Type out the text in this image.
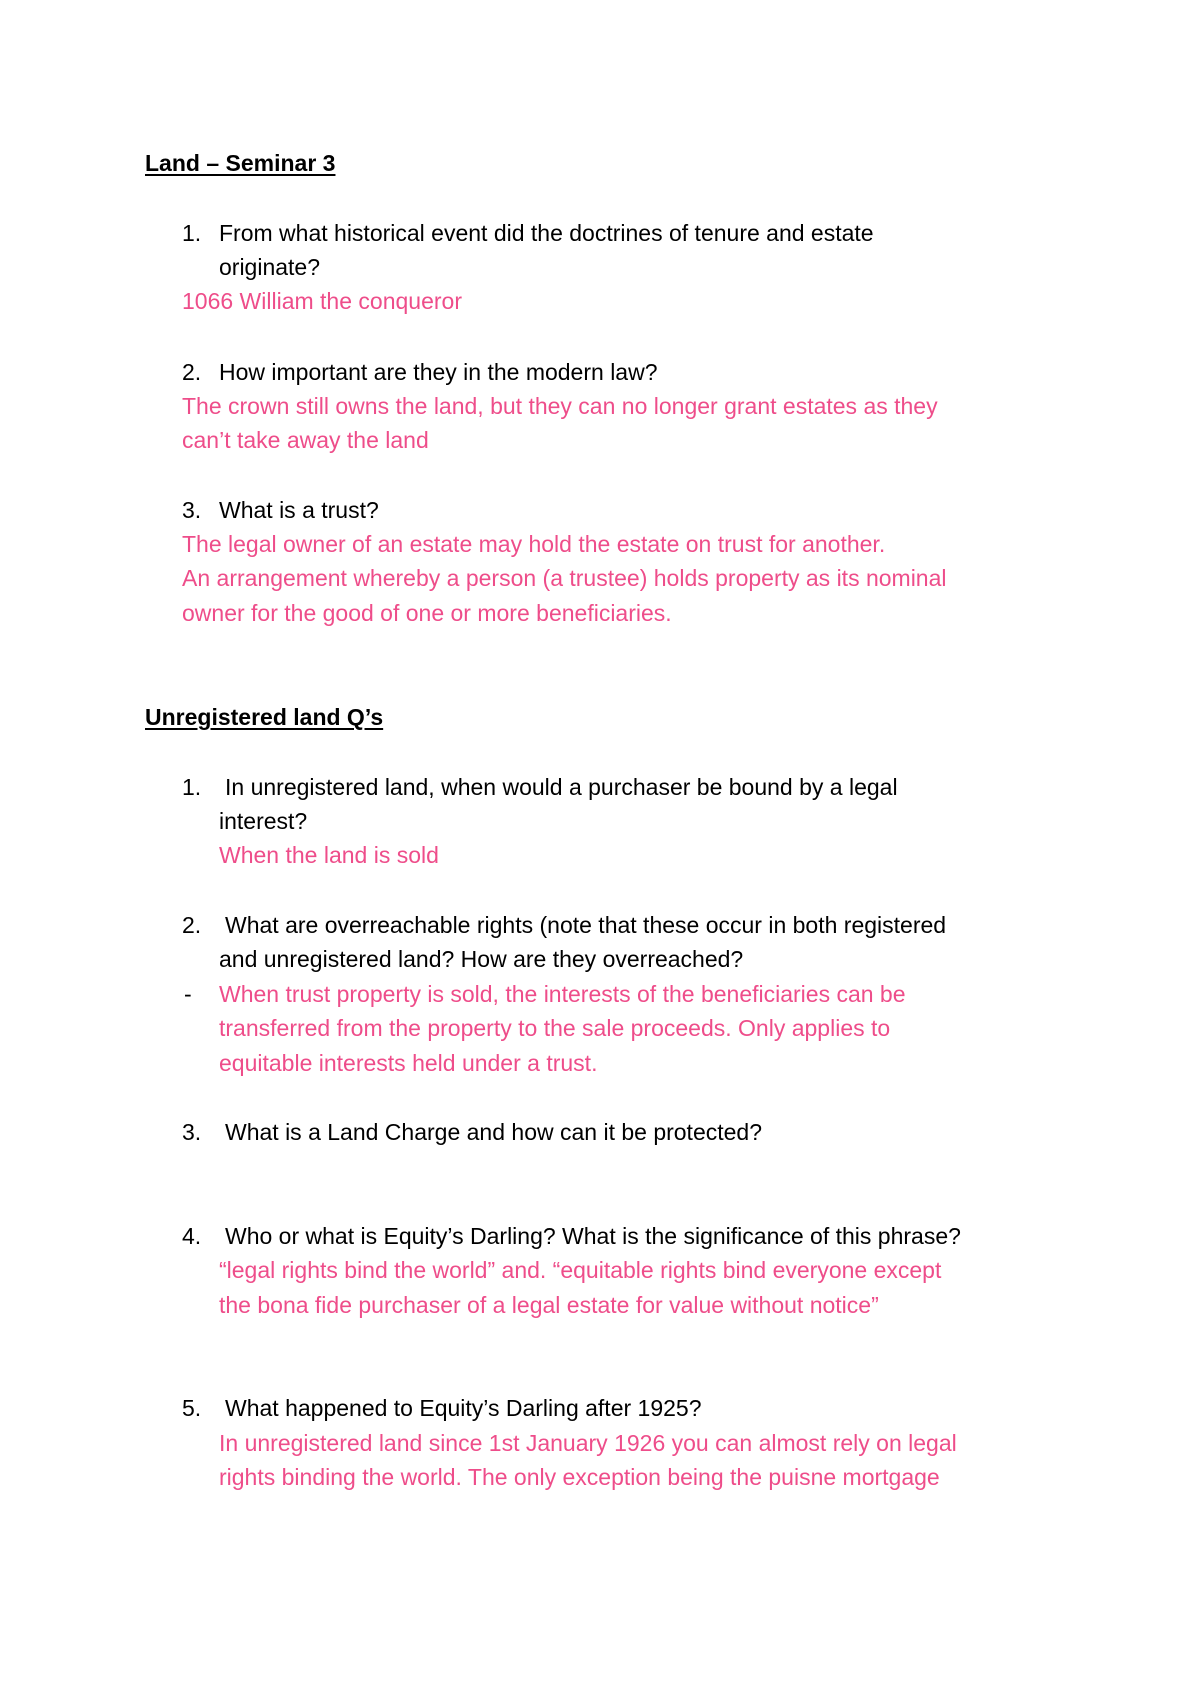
Land – Seminar 3
1. From what historical event did the doctrines of tenure and estate
originate?
1066 William the conqueror
2. How important are they in the modern law?
The crown still owns the land, but they can no longer grant estates as they
can’t take away the land
3. What is a trust?
The legal owner of an estate may hold the estate on trust for another.
An arrangement whereby a person (a trustee) holds property as its nominal
owner for the good of one or more beneficiaries.
Unregistered land Q’s
1. In unregistered land, when would a purchaser be bound by a legal
interest?
When the land is sold
2. What are overreachable rights (note that these occur in both registered
and unregistered land? How are they overreached?
- When trust property is sold, the interests of the beneficiaries can be
transferred from the property to the sale proceeds. Only applies to
equitable interests held under a trust.
3. What is a Land Charge and how can it be protected?
4. Who or what is Equity’s Darling? What is the significance of this phrase?
“legal rights bind the world” and. “equitable rights bind everyone except
the bona fide purchaser of a legal estate for value without notice”
5. What happened to Equity’s Darling after 1925?
In unregistered land since 1st January 1926 you can almost rely on legal
rights binding the world. The only exception being the puisne mortgage
